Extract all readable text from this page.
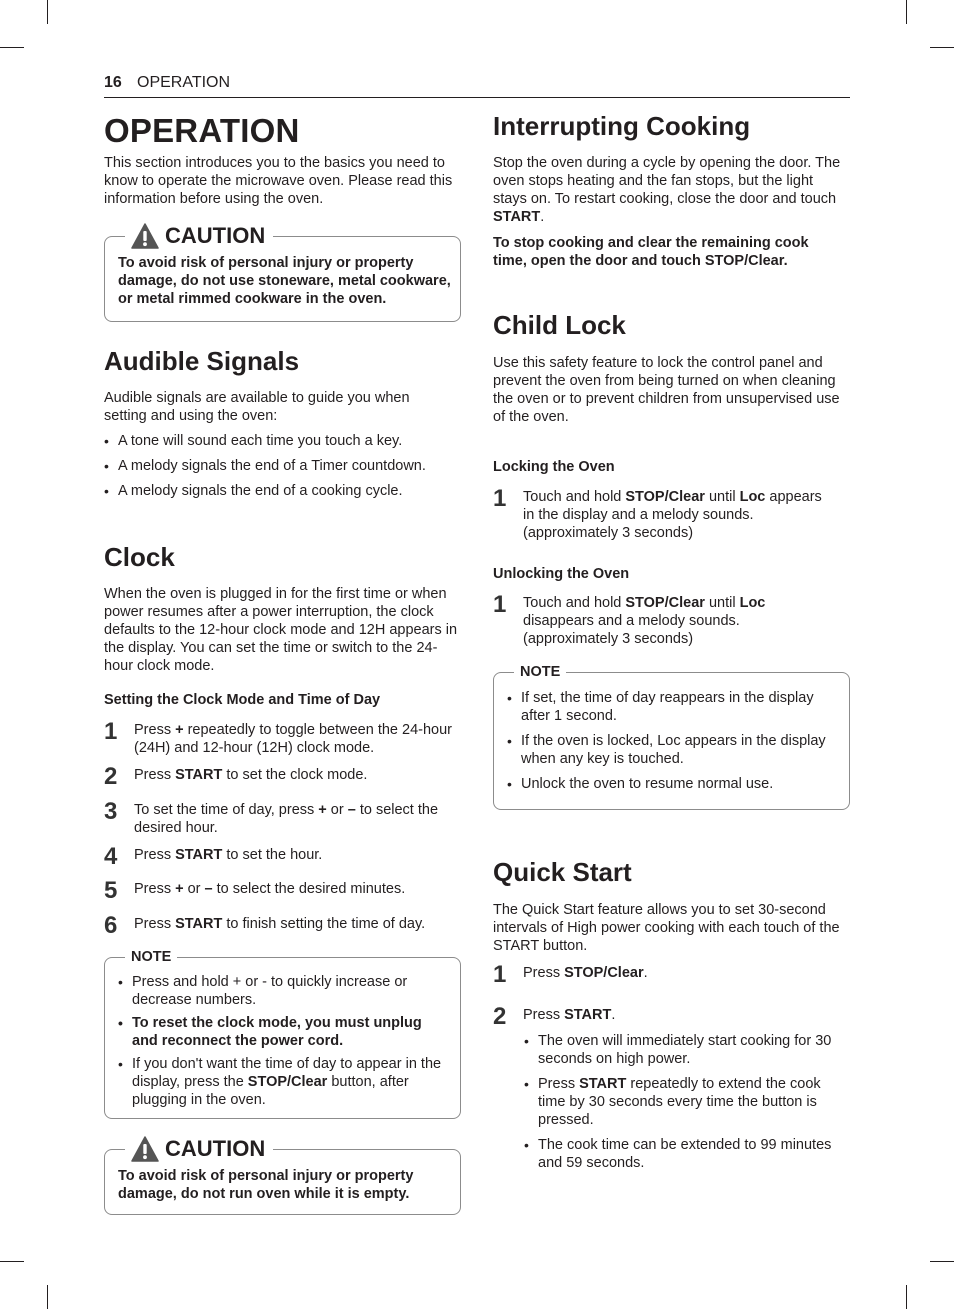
16 OPERATION
OPERATION

This section introduces you to the basics you need to know to operate the microwave oven. Please read this information before using the oven.

CAUTION
To avoid risk of personal injury or property damage, do not use stoneware, metal cookware, or metal rimmed cookware in the oven.
Audible Signals

Audible signals are available to guide you when setting and using the oven:

• A tone will sound each time you touch a key.
• A melody signals the end of a Timer countdown.
• A melody signals the end of a cooking cycle.
Clock

When the oven is plugged in for the first time or when power resumes after a power interruption, the clock defaults to the 12-hour clock mode and 12H appears in the display. You can set the time or switch to the 24-hour clock mode.

Setting the Clock Mode and Time of Day
1 Press + repeatedly to toggle between the 24-hour (24H) and 12-hour (12H) clock mode.
2 Press START to set the clock mode.
3 To set the time of day, press + or – to select the desired hour.
4 Press START to set the hour.
5 Press + or – to select the desired minutes.
6 Press START to finish setting the time of day.
NOTE
• Press and hold + or - to quickly increase or decrease numbers.
• To reset the clock mode, you must unplug and reconnect the power cord.
• If you don't want the time of day to appear in the display, press the STOP/Clear button, after plugging in the oven.
CAUTION
To avoid risk of personal injury or property damage, do not run oven while it is empty.
Interrupting Cooking

Stop the oven during a cycle by opening the door. The oven stops heating and the fan stops, but the light stays on. To restart cooking, close the door and touch START.

To stop cooking and clear the remaining cook time, open the door and touch STOP/Clear.

Child Lock

Use this safety feature to lock the control panel and prevent the oven from being turned on when cleaning the oven or to prevent children from unsupervised use of the oven.

Locking the Oven
1 Touch and hold STOP/Clear until Loc appears in the display and a melody sounds. (approximately 3 seconds)
Unlocking the Oven
1 Touch and hold STOP/Clear until Loc disappears and a melody sounds. (approximately 3 seconds)
NOTE
• If set, the time of day reappears in the display after 1 second.
• If the oven is locked, Loc appears in the display when any key is touched.
• Unlock the oven to resume normal use.
Quick Start

The Quick Start feature allows you to set 30-second intervals of High power cooking with each touch of the START button.

1 Press STOP/Clear.
2 Press START.
• The oven will immediately start cooking for 30 seconds on high power.
• Press START repeatedly to extend the cook time by 30 seconds every time the button is pressed.
• The cook time can be extended to 99 minutes and 59 seconds.
